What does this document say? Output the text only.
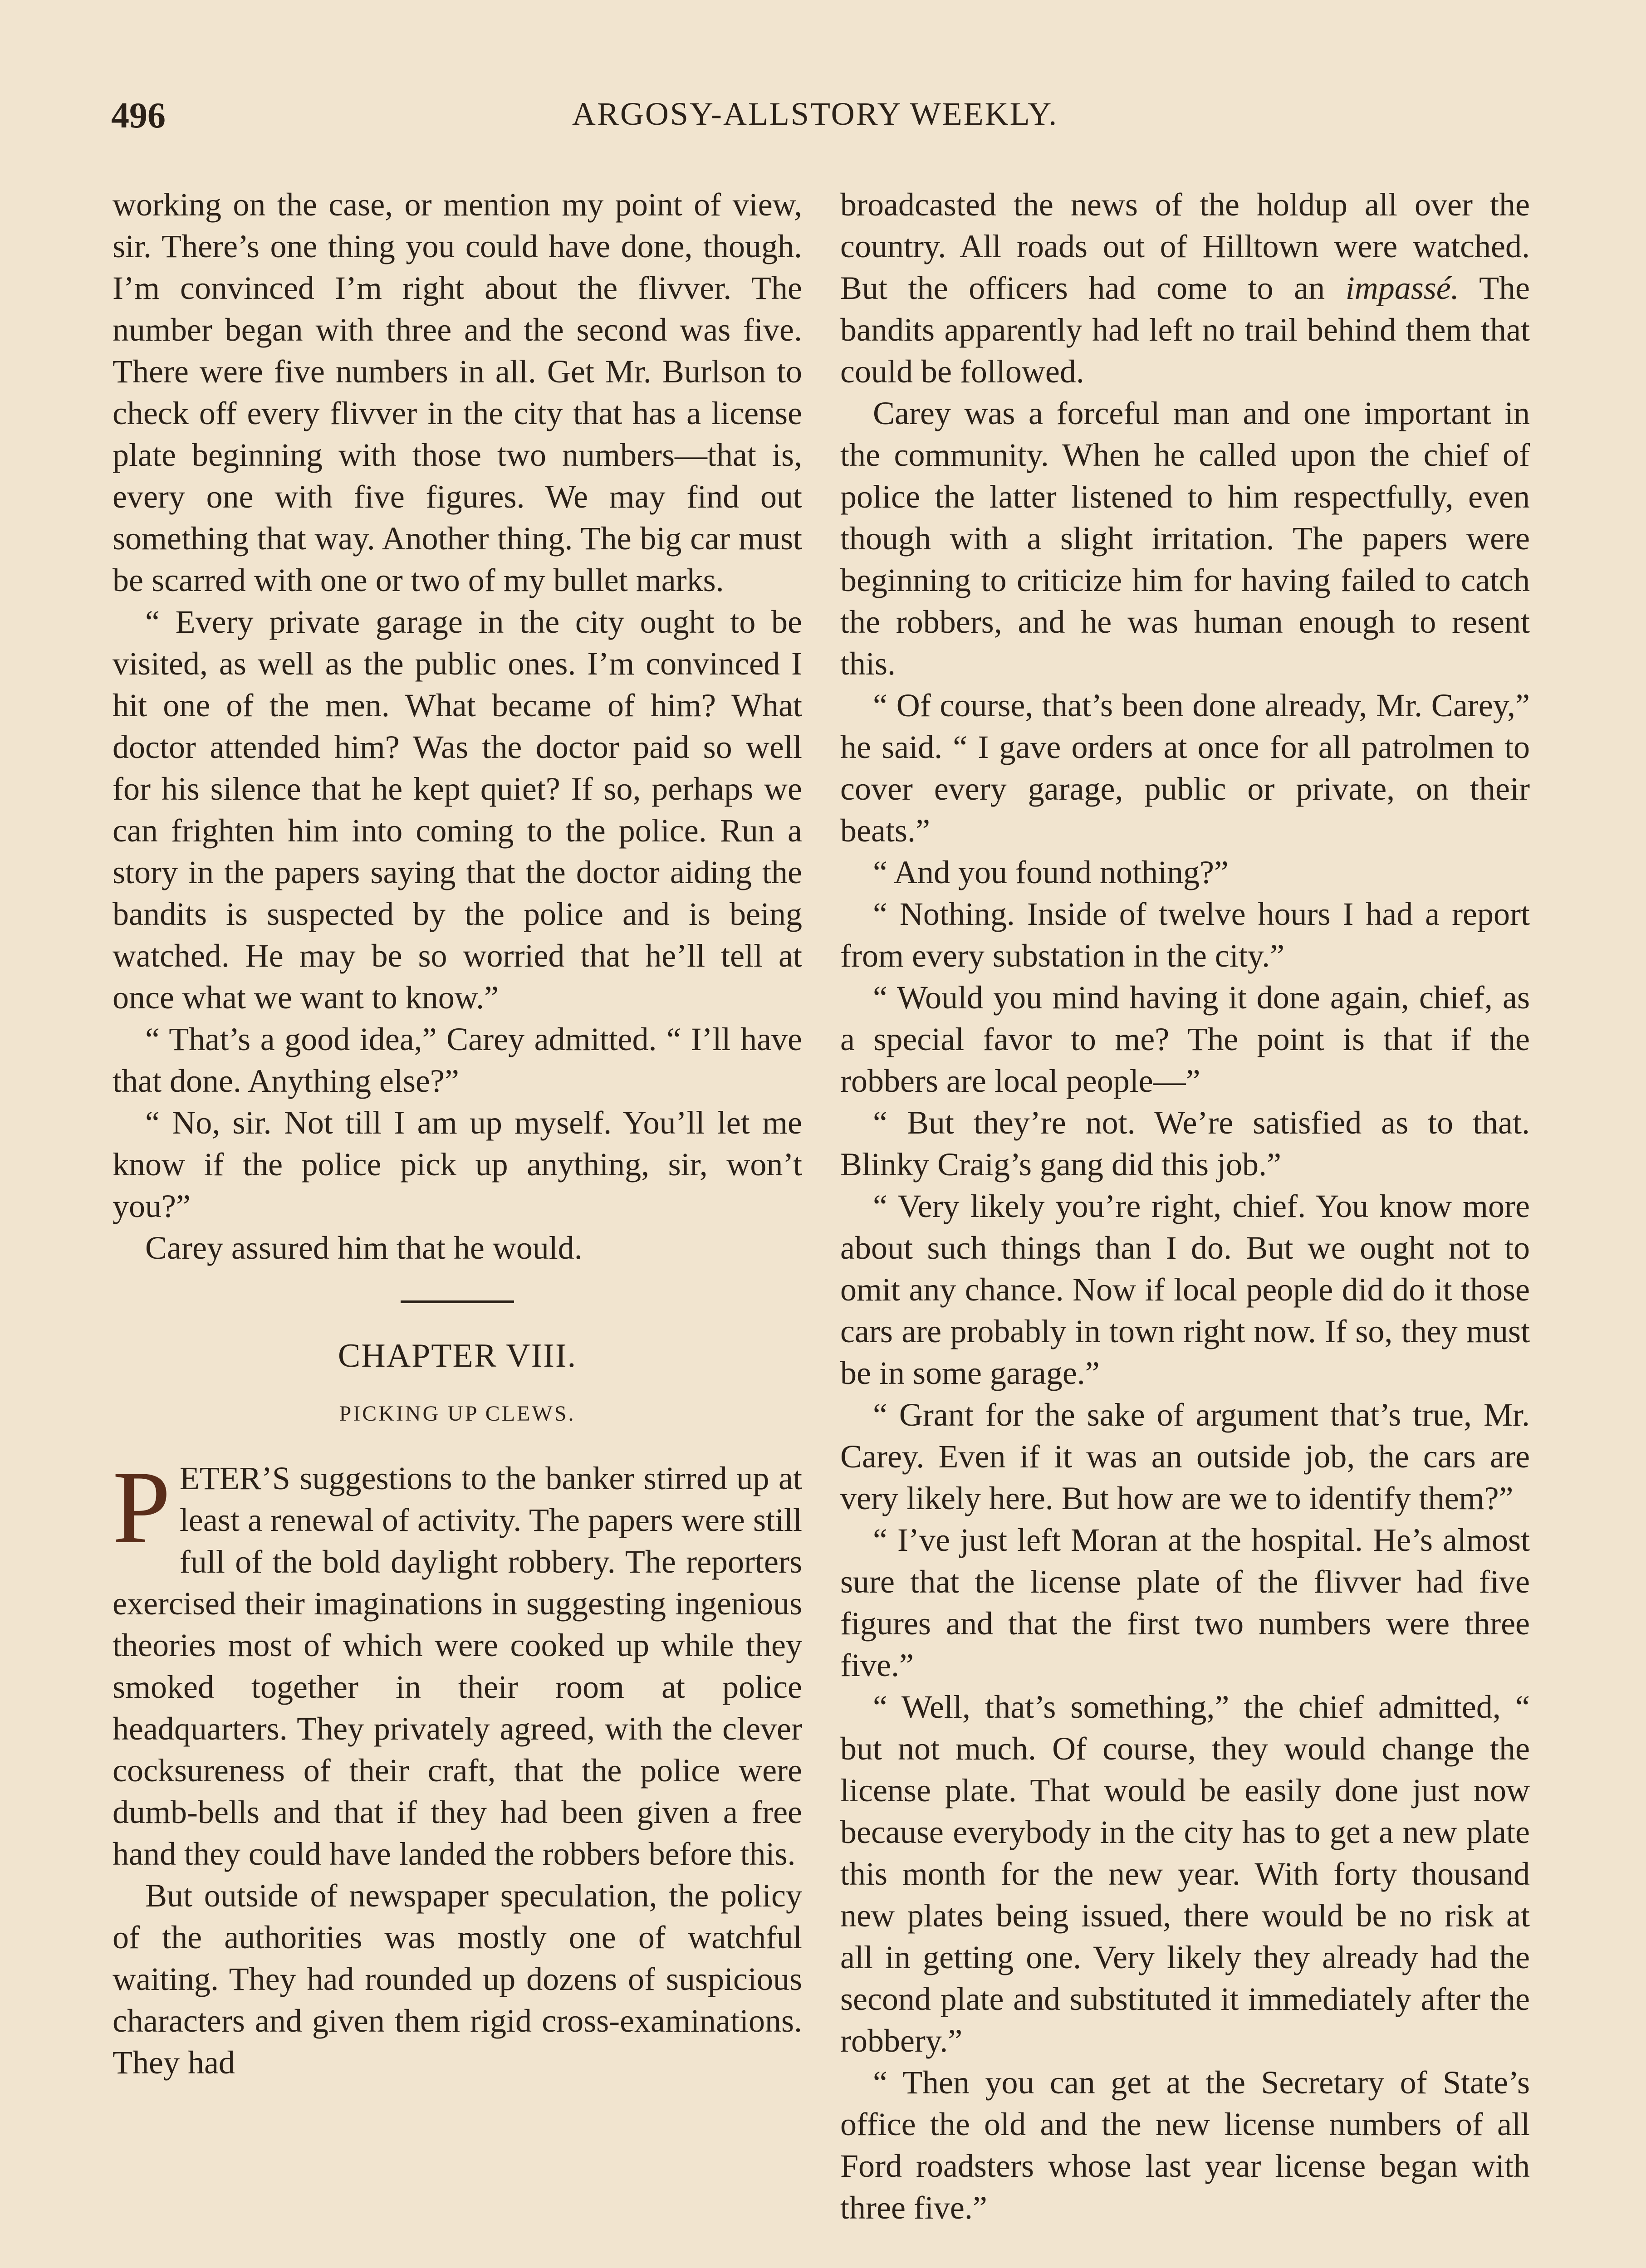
496	ARGOSY-ALLSTORY WEEKLY.

working on the case, or mention my point of view, sir. There’s one thing you could have done, though. I’m convinced I’m right about the flivver. The number began with three and the second was five. There were five numbers in all. Get Mr. Burlson to check off every flivver in the city that has a license plate beginning with those two numbers—that is, every one with five figures. We may find out something that way. Another thing. The big car must be scarred with one or two of my bullet marks.

“ Every private garage in the city ought to be visited, as well as the public ones. I’m convinced I hit one of the men. What became of him? What doctor attended him? Was the doctor paid so well for his silence that he kept quiet? If so, perhaps we can frighten him into coming to the police. Run a story in the papers saying that the doctor aiding the bandits is suspected by the police and is being watched. He may be so worried that he’ll tell at once what we want to know.”

“ That’s a good idea,” Carey admitted. “ I’ll have that done. Anything else?”

“ No, sir. Not till I am up myself. You’ll let me know if the police pick up anything, sir, won’t you?”

Carey assured him that he would.

CHAPTER VIII.
PICKING UP CLEWS.

PETER’S suggestions to the banker stirred up at least a renewal of activity. The papers were still full of the bold daylight robbery. The reporters exercised their imaginations in suggesting ingenious theories most of which were cooked up while they smoked together in their room at police headquarters. They privately agreed, with the clever cocksureness of their craft, that the police were dumb-bells and that if they had been given a free hand they could have landed the robbers before this.

But outside of newspaper speculation, the policy of the authorities was mostly one of watchful waiting. They had rounded up dozens of suspicious characters and given them rigid cross-examinations. They had

broadcasted the news of the holdup all over the country. All roads out of Hilltown were watched. But the officers had come to an impassé. The bandits apparently had left no trail behind them that could be followed.

Carey was a forceful man and one important in the community. When he called upon the chief of police the latter listened to him respectfully, even though with a slight irritation. The papers were beginning to criticize him for having failed to catch the robbers, and he was human enough to resent this.

“ Of course, that’s been done already, Mr. Carey,” he said. “ I gave orders at once for all patrolmen to cover every garage, public or private, on their beats.”

“ And you found nothing?”

“ Nothing. Inside of twelve hours I had a report from every substation in the city.”

“ Would you mind having it done again, chief, as a special favor to me? The point is that if the robbers are local people—”

“ But they’re not. We’re satisfied as to that. Blinky Craig’s gang did this job.”

“ Very likely you’re right, chief. You know more about such things than I do. But we ought not to omit any chance. Now if local people did do it those cars are probably in town right now. If so, they must be in some garage.”

“ Grant for the sake of argument that’s true, Mr. Carey. Even if it was an outside job, the cars are very likely here. But how are we to identify them?”

“ I’ve just left Moran at the hospital. He’s almost sure that the license plate of the flivver had five figures and that the first two numbers were three five.”

“ Well, that’s something,” the chief admitted, “ but not much. Of course, they would change the license plate. That would be easily done just now because everybody in the city has to get a new plate this month for the new year. With forty thousand new plates being issued, there would be no risk at all in getting one. Very likely they already had the second plate and substituted it immediately after the robbery.”

“ Then you can get at the Secretary of State’s office the old and the new license numbers of all Ford roadsters whose last year license began with three five.”
